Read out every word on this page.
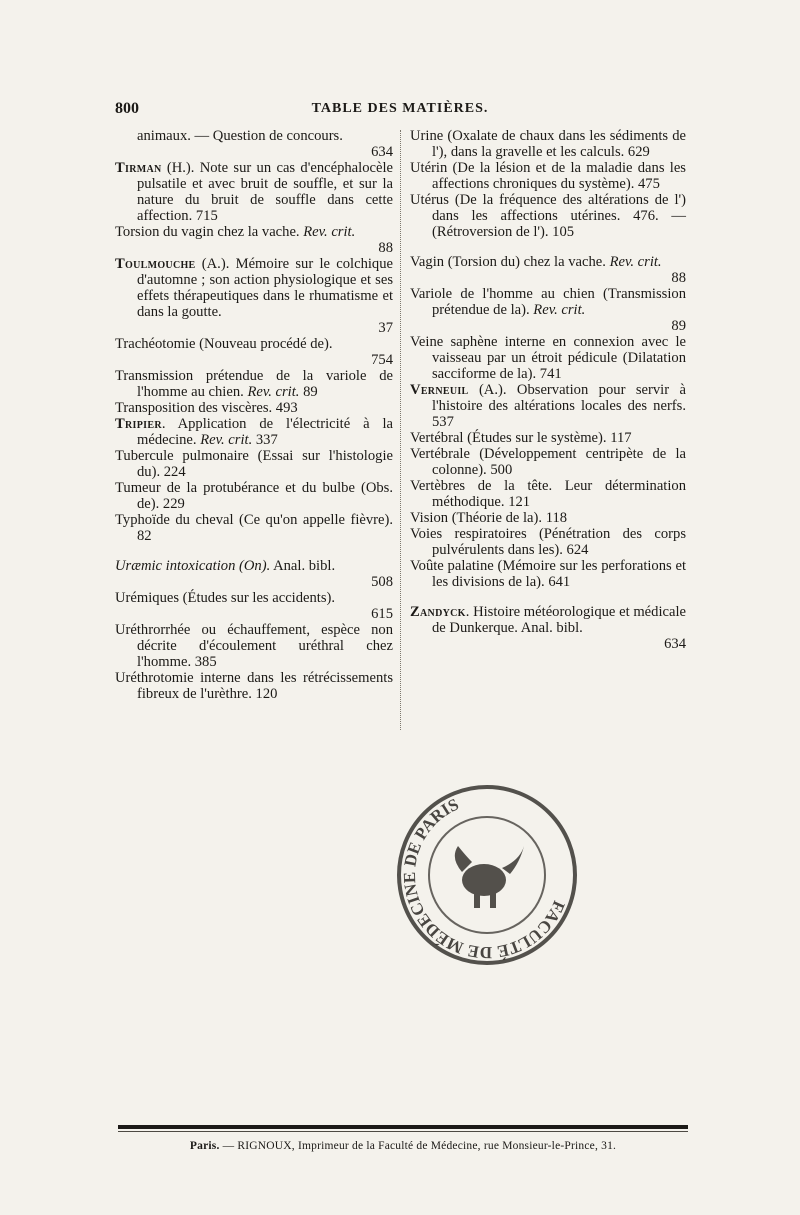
800	TABLE DES MATIÈRES.

animaux. — Question de concours.

634

Tirman (H.). Note sur un cas d'encéphalocèle pulsatile et avec bruit de souffle, et sur la nature du bruit de souffle dans cette affection. 715

Torsion du vagin chez la vache. Rev. crit.

88

Toulmouche (A.). Mémoire sur le colchique d'automne ; son action physiologique et ses effets thérapeutiques dans le rhumatisme et dans la goutte.

37

Trachéotomie (Nouveau procédé de).

754

Transmission prétendue de la variole de l'homme au chien. Rev. crit. 89

Transposition des viscères. 493

Tripier. Application de l'électricité à la médecine. Rev. crit. 337

Tubercule pulmonaire (Essai sur l'histologie du). 224

Tumeur de la protubérance et du bulbe (Obs. de). 229

Typhoïde du cheval (Ce qu'on appelle fièvre). 82

Uræmic intoxication (On). Anal. bibl.

508

Urémiques (Études sur les accidents).

615

Uréthrorrhée ou échauffement, espèce non décrite d'écoulement uréthral chez l'homme. 385

Uréthrotomie interne dans les rétrécissements fibreux de l'urèthre. 120

Urine (Oxalate de chaux dans les sédiments de l'), dans la gravelle et les calculs. 629

Utérin (De la lésion et de la maladie dans les affections chroniques du système). 475

Utérus (De la fréquence des altérations de l') dans les affections utérines. 476. — (Rétroversion de l'). 105

Vagin (Torsion du) chez la vache. Rev. crit.

88

Variole de l'homme au chien (Transmission prétendue de la). Rev. crit.

89

Veine saphène interne en connexion avec le vaisseau par un étroit pédicule (Dilatation sacciforme de la). 741

Verneuil (A.). Observation pour servir à l'histoire des altérations locales des nerfs. 537

Vertébral (Études sur le système). 117

Vertébrale (Développement centripète de la colonne). 500

Vertèbres de la tête. Leur détermination méthodique. 121

Vision (Théorie de la). 118

Voies respiratoires (Pénétration des corps pulvérulents dans les). 624

Voûte palatine (Mémoire sur les perforations et les divisions de la). 641

Zandyck. Histoire météorologique et médicale de Dunkerque. Anal. bibl.

634

FACULTÉ DE MÉDECINE DE PARIS
Paris. — RIGNOUX, Imprimeur de la Faculté de Médecine, rue Monsieur-le-Prince, 31.
